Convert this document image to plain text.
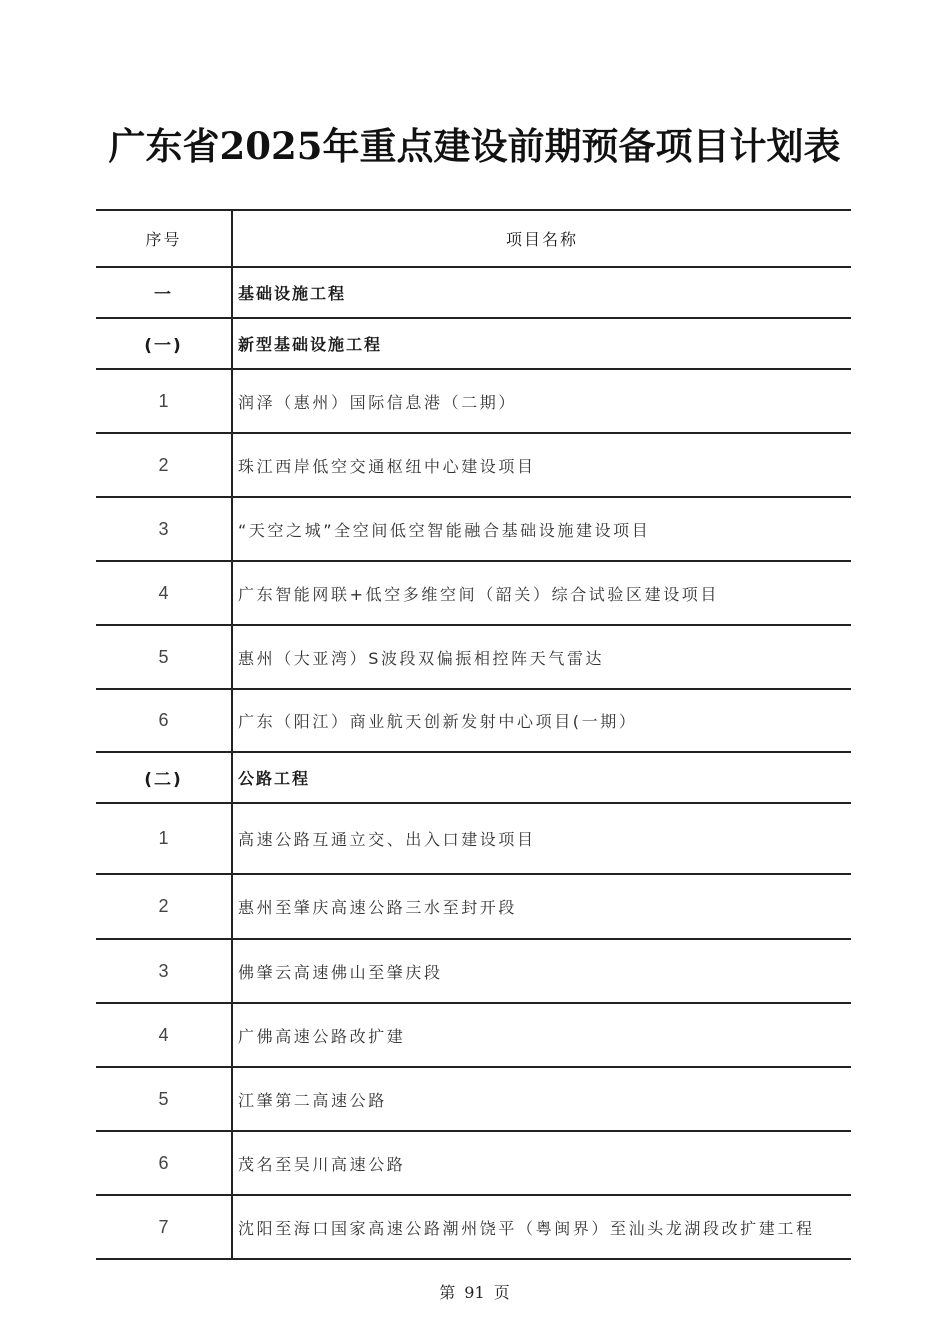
广东省2025年重点建设前期预备项目计划表
序号	项目名称
一	基础设施工程
(一)	新型基础设施工程
1	润泽（惠州）国际信息港（二期）
2	珠江西岸低空交通枢纽中心建设项目
3	“天空之城”全空间低空智能融合基础设施建设项目
4	广东智能网联+低空多维空间（韶关）综合试验区建设项目
5	惠州（大亚湾）S波段双偏振相控阵天气雷达
6	广东（阳江）商业航天创新发射中心项目(一期）
(二)	公路工程
1	高速公路互通立交、出入口建设项目
2	惠州至肇庆高速公路三水至封开段
3	佛肇云高速佛山至肇庆段
4	广佛高速公路改扩建
5	江肇第二高速公路
6	茂名至吴川高速公路
7	沈阳至海口国家高速公路潮州饶平（粤闽界）至汕头龙湖段改扩建工程
第 91 页
